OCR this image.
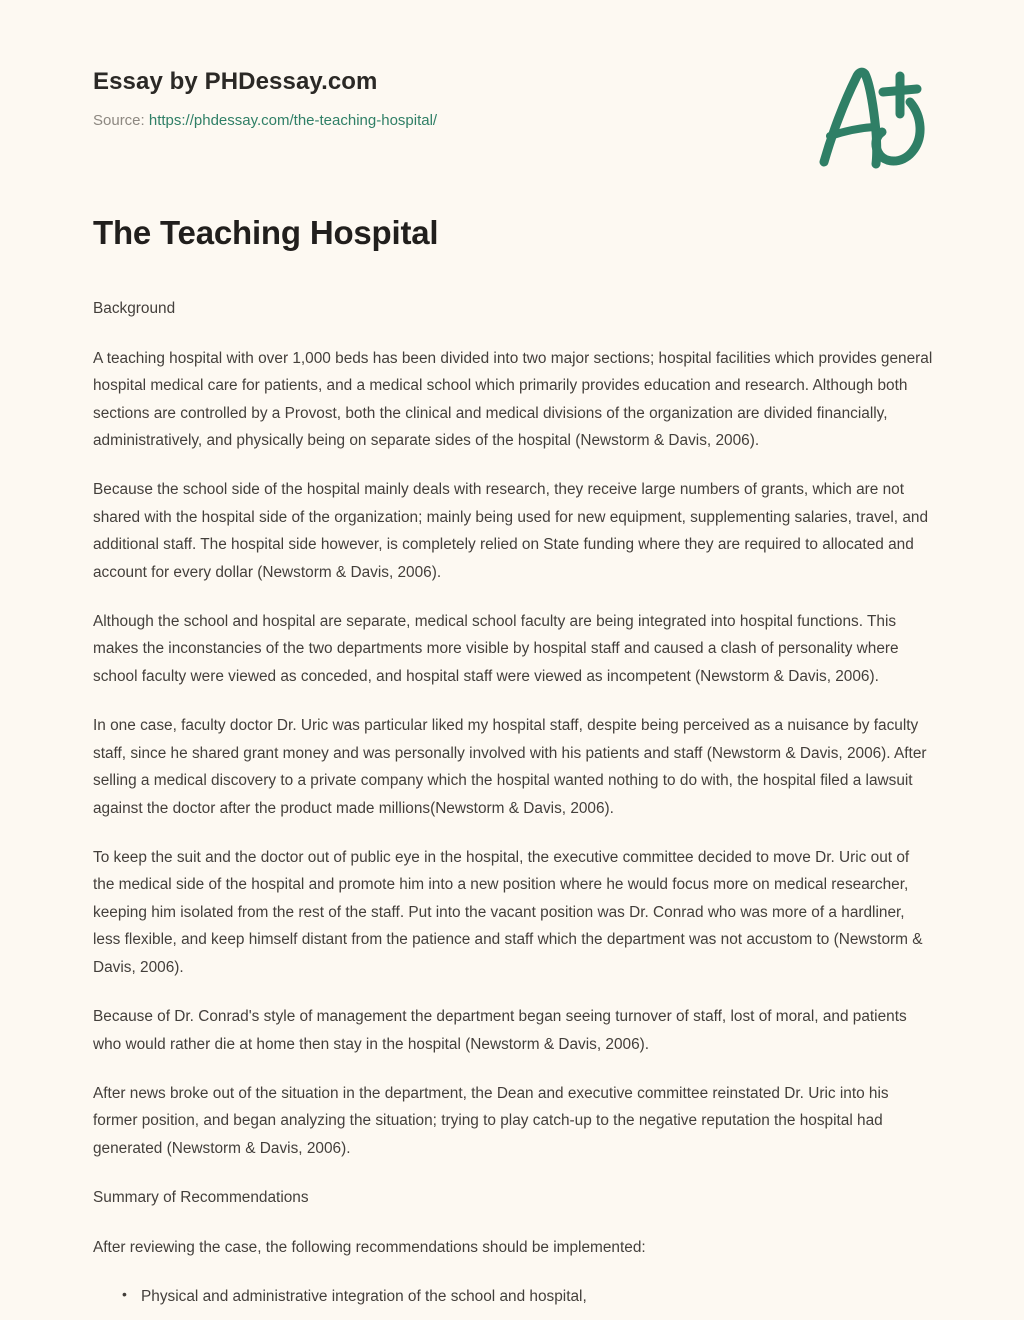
Essay by PHDessay.com
Source: https://phdessay.com/the-teaching-hospital/
The Teaching Hospital

Background

A teaching hospital with over 1,000 beds has been divided into two major sections; hospital facilities which provides general hospital medical care for patients, and a medical school which primarily provides education and research. Although both sections are controlled by a Provost, both the clinical and medical divisions of the organization are divided financially, administratively, and physically being on separate sides of the hospital (Newstorm & Davis, 2006).

Because the school side of the hospital mainly deals with research, they receive large numbers of grants, which are not shared with the hospital side of the organization; mainly being used for new equipment, supplementing salaries, travel, and additional staff. The hospital side however, is completely relied on State funding where they are required to allocated and account for every dollar (Newstorm & Davis, 2006).

Although the school and hospital are separate, medical school faculty are being integrated into hospital functions. This makes the inconstancies of the two departments more visible by hospital staff and caused a clash of personality where school faculty were viewed as conceded, and hospital staff were viewed as incompetent (Newstorm & Davis, 2006).

In one case, faculty doctor Dr. Uric was particular liked my hospital staff, despite being perceived as a nuisance by faculty staff, since he shared grant money and was personally involved with his patients and staff (Newstorm & Davis, 2006). After selling a medical discovery to a private company which the hospital wanted nothing to do with, the hospital filed a lawsuit against the doctor after the product made millions(Newstorm & Davis, 2006).

To keep the suit and the doctor out of public eye in the hospital, the executive committee decided to move Dr. Uric out of the medical side of the hospital and promote him into a new position where he would focus more on medical researcher, keeping him isolated from the rest of the staff. Put into the vacant position was Dr. Conrad who was more of a hardliner, less flexible, and keep himself distant from the patience and staff which the department was not accustom to (Newstorm & Davis, 2006).

Because of Dr. Conrad's style of management the department began seeing turnover of staff, lost of moral, and patients who would rather die at home then stay in the hospital (Newstorm & Davis, 2006).

After news broke out of the situation in the department, the Dean and executive committee reinstated Dr. Uric into his former position, and began analyzing the situation; trying to play catch-up to the negative reputation the hospital had generated (Newstorm & Davis, 2006).

Summary of Recommendations

After reviewing the case, the following recommendations should be implemented:

• Physical and administrative integration of the school and hospital,
